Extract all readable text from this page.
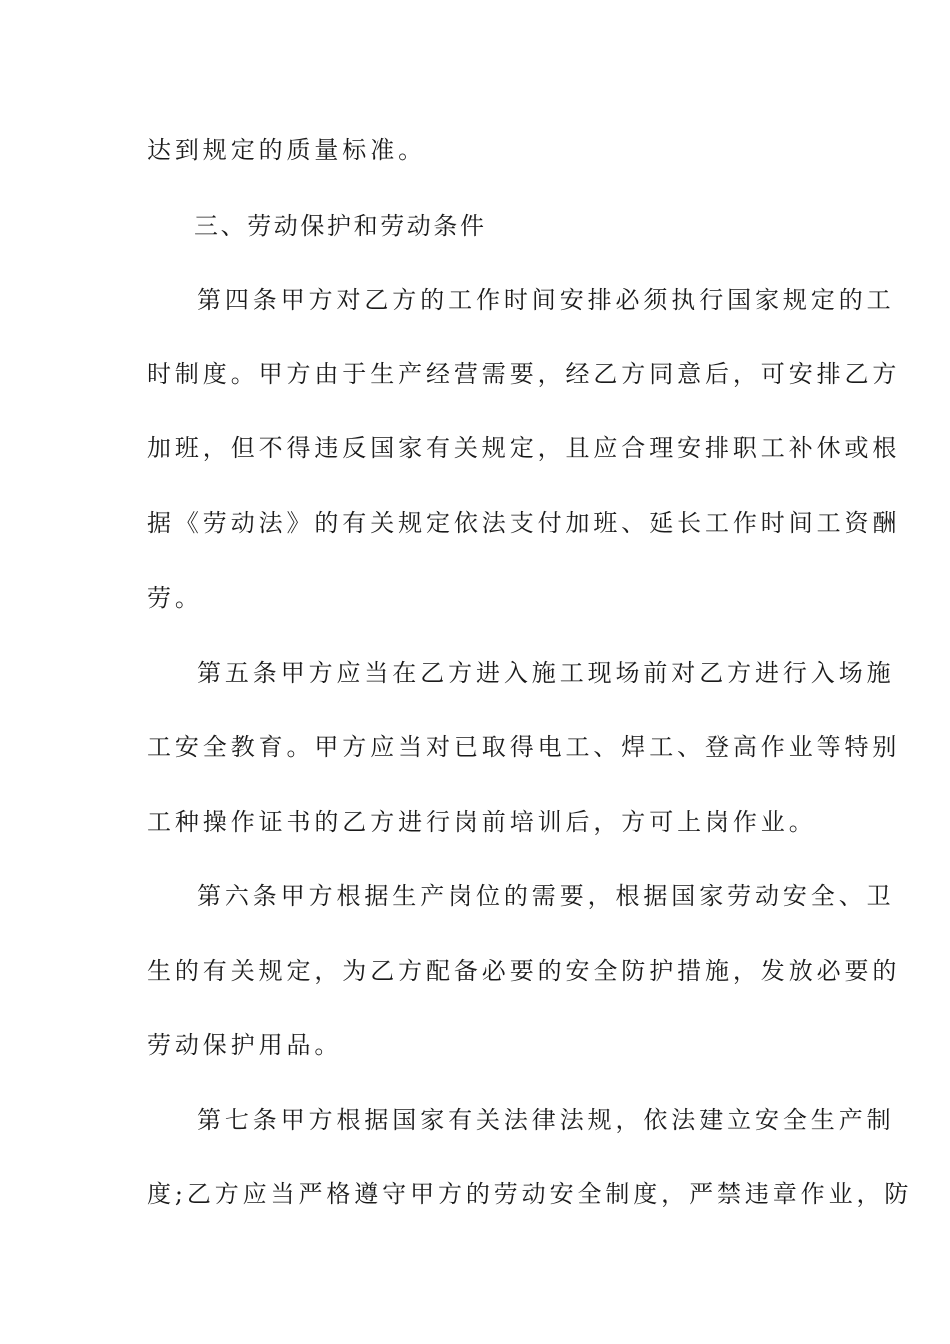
达到规定的质量标准。
三、劳动保护和劳动条件
第四条甲方对乙方的工作时间安排必须执行国家规定的工
时制度。甲方由于生产经营需要，经乙方同意后，可安排乙方
加班，但不得违反国家有关规定，且应合理安排职工补休或根
据《劳动法》的有关规定依法支付加班、延长工作时间工资酬
劳。
第五条甲方应当在乙方进入施工现场前对乙方进行入场施
工安全教育。甲方应当对已取得电工、焊工、登高作业等特别
工种操作证书的乙方进行岗前培训后，方可上岗作业。
第六条甲方根据生产岗位的需要，根据国家劳动安全、卫
生的有关规定，为乙方配备必要的安全防护措施，发放必要的
劳动保护用品。
第七条甲方根据国家有关法律法规，依法建立安全生产制
度;乙方应当严格遵守甲方的劳动安全制度，严禁违章作业，防
